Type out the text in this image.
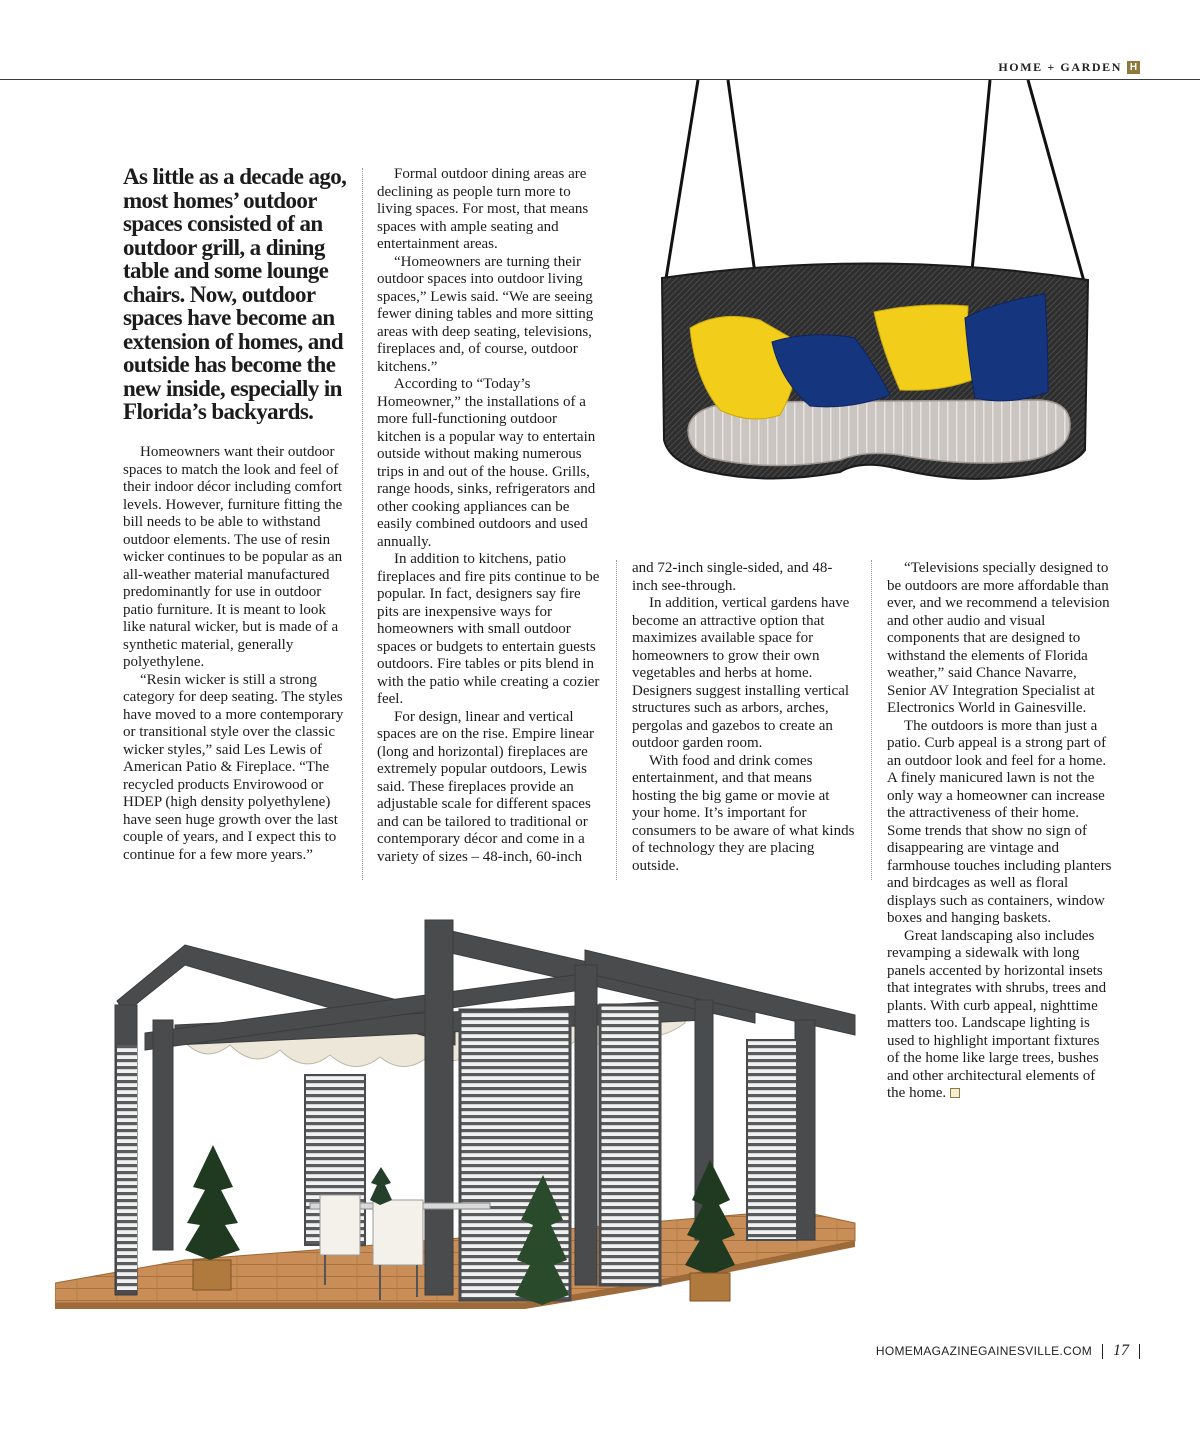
HOME + GARDEN H
As little as a decade ago, most homes’ outdoor spaces consisted of an outdoor grill, a dining table and some lounge chairs. Now, outdoor spaces have become an extension of homes, and outside has become the new inside, especially in Florida’s backyards.

Homeowners want their outdoor spaces to match the look and feel of their indoor décor including comfort levels. However, furniture fitting the bill needs to be able to withstand outdoor elements. The use of resin wicker continues to be popular as an all-weather material manufactured predominantly for use in outdoor patio furniture. It is meant to look like natural wicker, but is made of a synthetic material, generally polyethylene.

“Resin wicker is still a strong category for deep seating. The styles have moved to a more contemporary or transitional style over the classic wicker styles,” said Les Lewis of American Patio & Fireplace. “The recycled products Envirowood or HDEP (high density polyethylene) have seen huge growth over the last couple of years, and I expect this to continue for a few more years.”

Formal outdoor dining areas are declining as people turn more to living spaces. For most, that means spaces with ample seating and entertainment areas.

“Homeowners are turning their outdoor spaces into outdoor living spaces,” Lewis said. “We are seeing fewer dining tables and more sitting areas with deep seating, televisions, fireplaces and, of course, outdoor kitchens.”

According to “Today’s Homeowner,” the installations of a more full-functioning outdoor kitchen is a popular way to entertain outside without making numerous trips in and out of the house. Grills, range hoods, sinks, refrigerators and other cooking appliances can be easily combined outdoors and used annually.

In addition to kitchens, patio fireplaces and fire pits continue to be popular. In fact, designers say fire pits are inexpensive ways for homeowners with small outdoor spaces or budgets to entertain guests outdoors. Fire tables or pits blend in with the patio while creating a cozier feel.

For design, linear and vertical spaces are on the rise. Empire linear (long and horizontal) fireplaces are extremely popular outdoors, Lewis said. These fireplaces provide an adjustable scale for different spaces and can be tailored to traditional or contemporary décor and come in a variety of sizes – 48-inch, 60-inch

and 72-inch single-sided, and 48-inch see-through.

In addition, vertical gardens have become an attractive option that maximizes available space for homeowners to grow their own vegetables and herbs at home. Designers suggest installing vertical structures such as arbors, arches, pergolas and gazebos to create an outdoor garden room.

With food and drink comes entertainment, and that means hosting the big game or movie at your home. It’s important for consumers to be aware of what kinds of technology they are placing outside.

“Televisions specially designed to be outdoors are more affordable than ever, and we recommend a television and other audio and visual components that are designed to withstand the elements of Florida weather,” said Chance Navarre, Senior AV Integration Specialist at Electronics World in Gainesville.

The outdoors is more than just a patio. Curb appeal is a strong part of an outdoor look and feel for a home. A finely manicured lawn is not the only way a homeowner can increase the attractiveness of their home. Some trends that show no sign of disappearing are vintage and farmhouse touches including planters and birdcages as well as floral displays such as containers, window boxes and hanging baskets.

Great landscaping also includes revamping a sidewalk with long panels accented by horizontal insets that integrates with shrubs, trees and plants. With curb appeal, nighttime matters too. Landscape lighting is used to highlight important fixtures of the home like large trees, bushes and other architectural elements of the home.

HOMEMAGAZINEGAINESVILLE.COM 17
